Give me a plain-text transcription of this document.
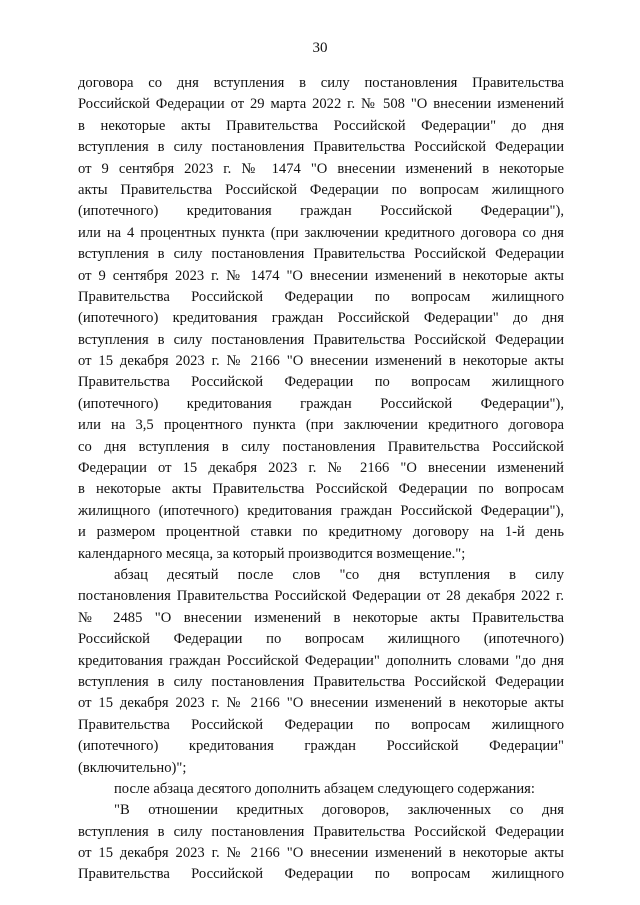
30
договора со дня вступления в силу постановления Правительства
Российской Федерации от 29 марта 2022 г. № 508 "О внесении изменений
в некоторые акты Правительства Российской Федерации" до дня
вступления в силу постановления Правительства Российской Федерации
от 9 сентября 2023 г. № 1474 "О внесении изменений в некоторые
акты Правительства Российской Федерации по вопросам жилищного
(ипотечного) кредитования граждан Российской Федерации"),
или на 4 процентных пункта (при заключении кредитного договора со дня
вступления в силу постановления Правительства Российской Федерации
от 9 сентября 2023 г. № 1474 "О внесении изменений в некоторые акты
Правительства Российской Федерации по вопросам жилищного
(ипотечного) кредитования граждан Российской Федерации" до дня
вступления в силу постановления Правительства Российской Федерации
от 15 декабря 2023 г. № 2166 "О внесении изменений в некоторые акты
Правительства Российской Федерации по вопросам жилищного
(ипотечного) кредитования граждан Российской Федерации"),
или на 3,5 процентного пункта (при заключении кредитного договора
со дня вступления в силу постановления Правительства Российской
Федерации от 15 декабря 2023 г. № 2166 "О внесении изменений
в некоторые акты Правительства Российской Федерации по вопросам
жилищного (ипотечного) кредитования граждан Российской Федерации"),
и размером процентной ставки по кредитному договору на 1-й день
календарного месяца, за который производится возмещение.";
абзац десятый после слов "со дня вступления в силу
постановления Правительства Российской Федерации от 28 декабря 2022 г.
№ 2485 "О внесении изменений в некоторые акты Правительства
Российской Федерации по вопросам жилищного (ипотечного)
кредитования граждан Российской Федерации" дополнить словами "до дня
вступления в силу постановления Правительства Российской Федерации
от 15 декабря 2023 г. № 2166 "О внесении изменений в некоторые акты
Правительства Российской Федерации по вопросам жилищного
(ипотечного) кредитования граждан Российской Федерации"
(включительно)";
после абзаца десятого дополнить абзацем следующего содержания:
"В отношении кредитных договоров, заключенных со дня
вступления в силу постановления Правительства Российской Федерации
от 15 декабря 2023 г. № 2166 "О внесении изменений в некоторые акты
Правительства Российской Федерации по вопросам жилищного
